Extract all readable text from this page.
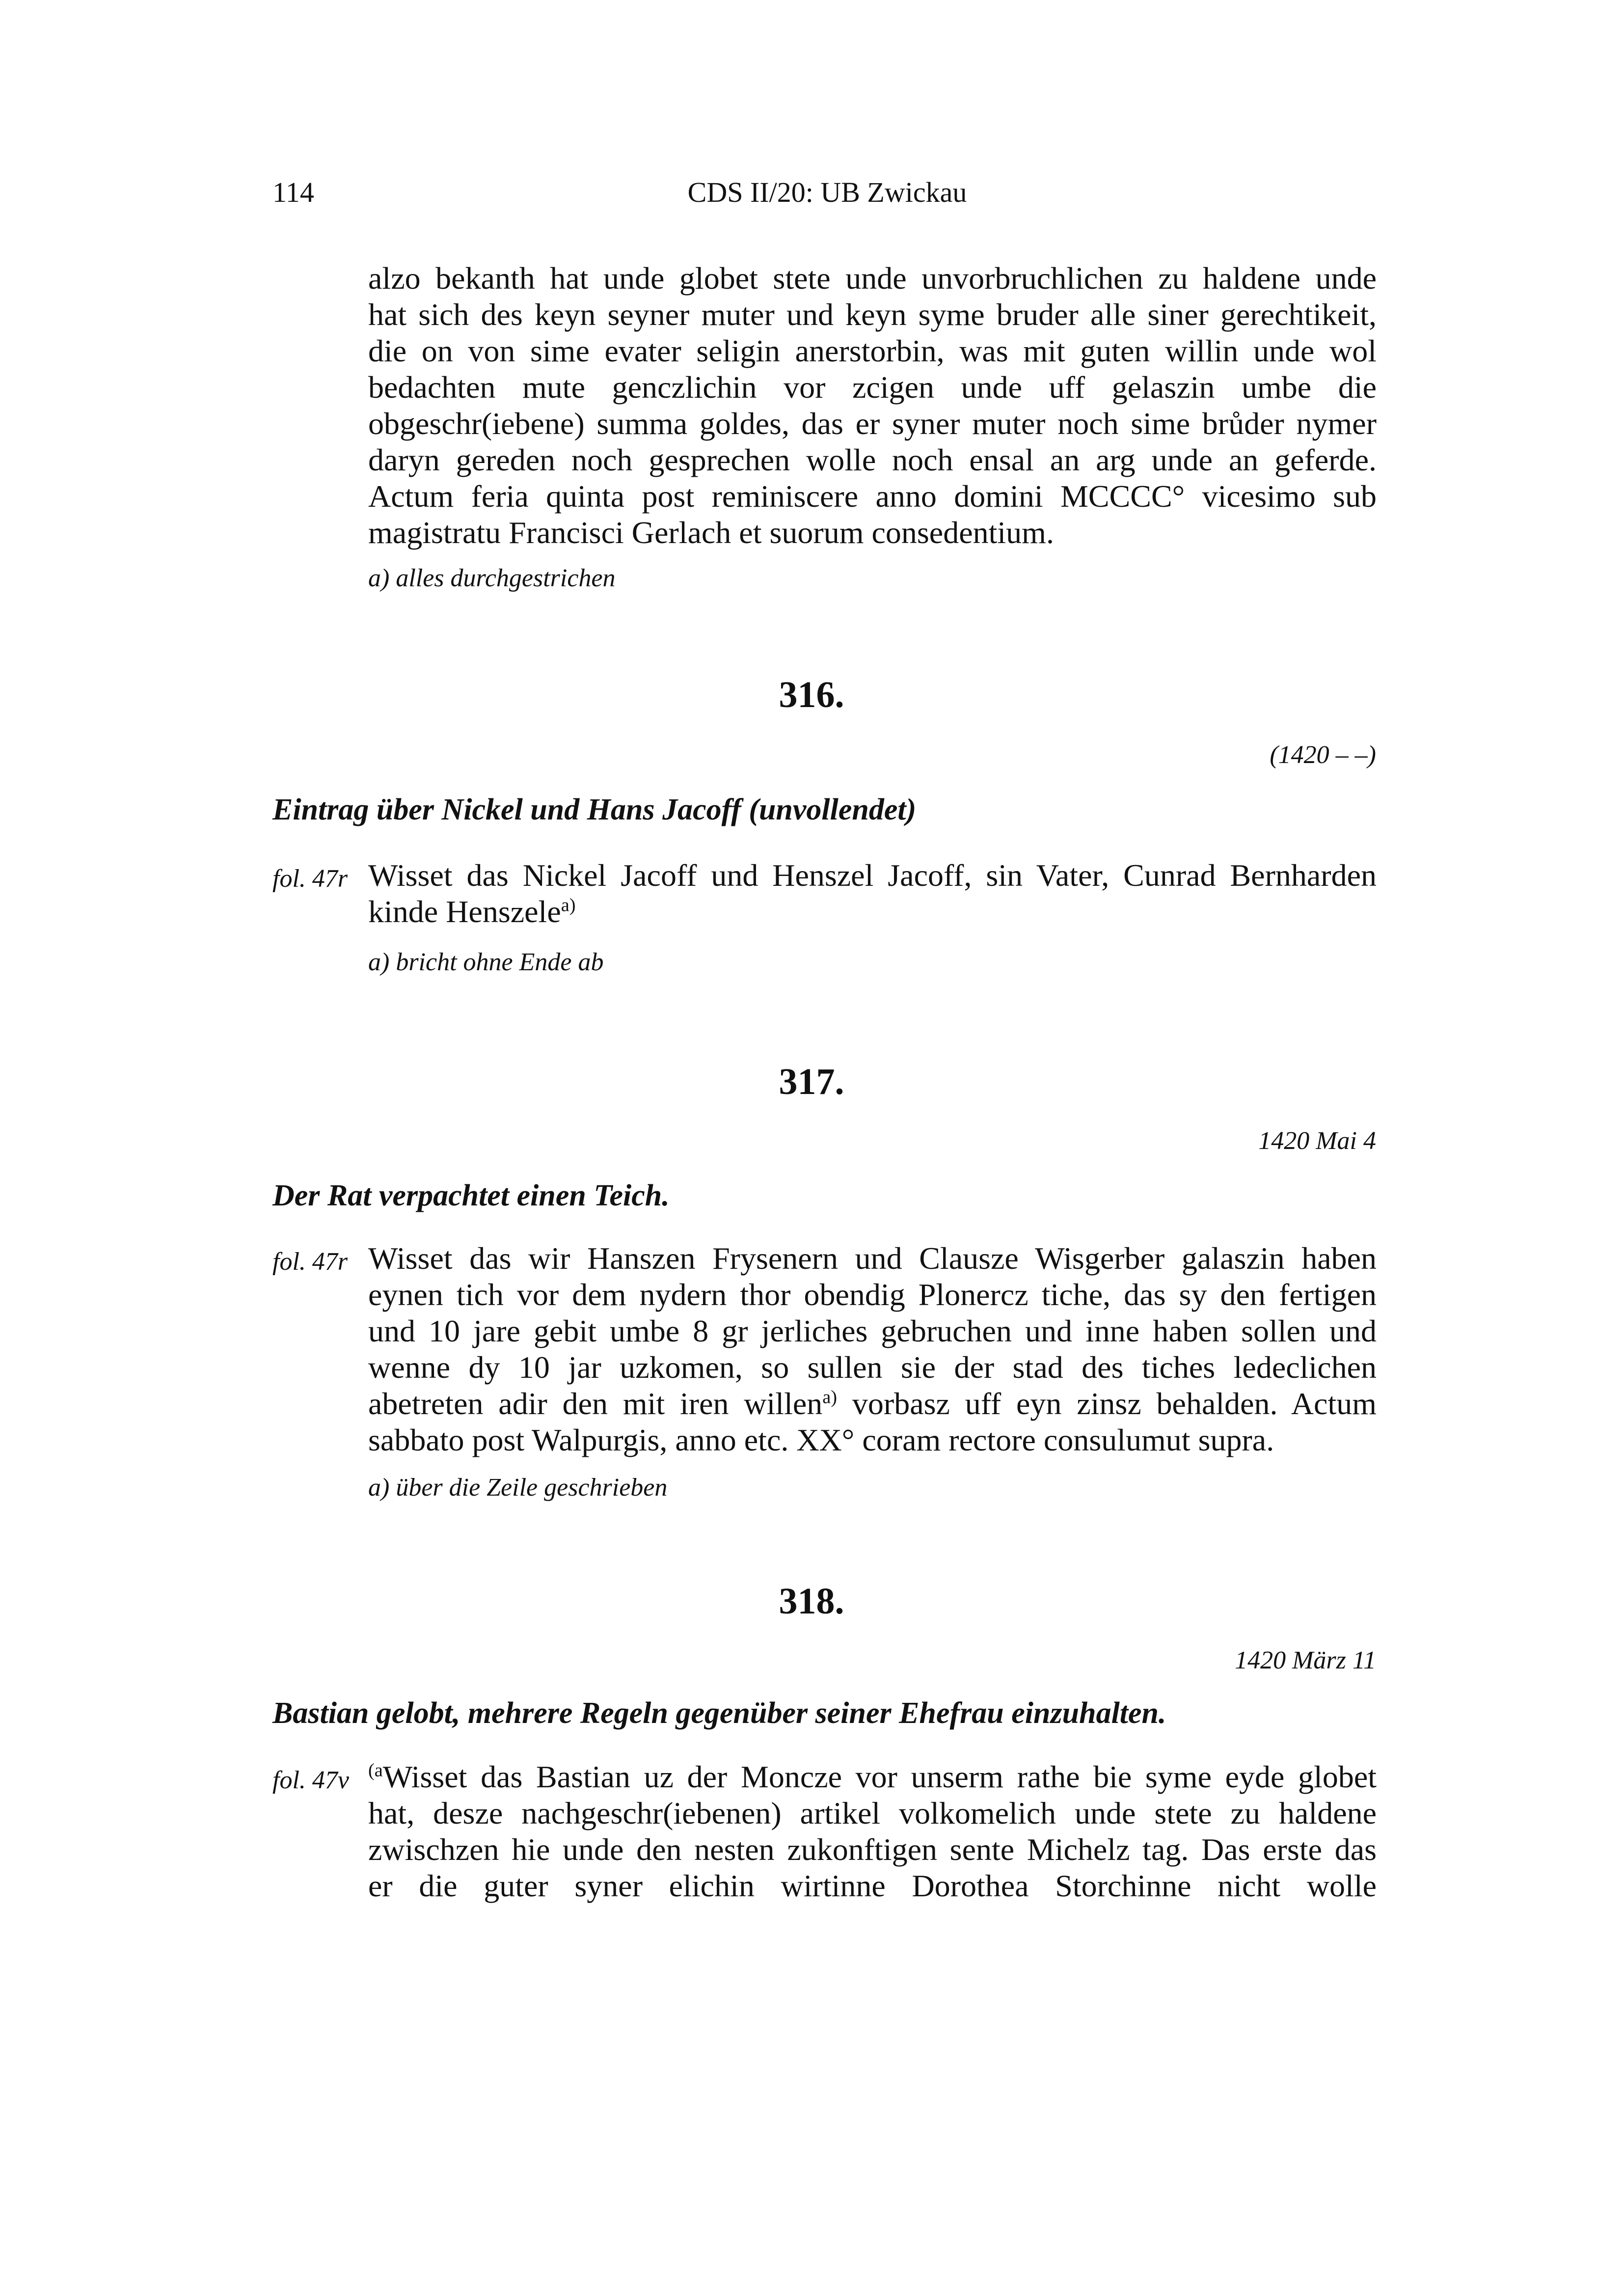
114	CDS II/20: UB Zwickau
alzo bekanth hat unde globet stete unde unvorbruchlichen zu haldene unde
hat sich des keyn seyner muter und keyn syme bruder alle siner gerechtikeit,
die on von sime evater seligin anerstorbin, was mit guten willin unde wol
bedachten mute genczlichin vor zcigen unde uff gelaszin umbe die
obgeschr(iebene) summa goldes, das er syner muter noch sime brůder nymer
daryn gereden noch gesprechen wolle noch ensal an arg unde an geferde.
Actum feria quinta post reminiscere anno domini MCCCC° vicesimo sub
magistratu Francisci Gerlach et suorum consedentium.
a) alles durchgestrichen
316.
(1420 – –)
Eintrag über Nickel und Hans Jacoff (unvollendet)
fol. 47r Wisset das Nickel Jacoff und Henszel Jacoff, sin Vater, Cunrad Bernharden
kinde Henszele$^{a)}$
a) bricht ohne Ende ab
317.
1420 Mai 4
Der Rat verpachtet einen Teich.
fol. 47r Wisset das wir Hanszen Frysenern und Clausze Wisgerber galaszin haben
eynen tich vor dem nydern thor obendig Plonercz tiche, das sy den fertigen
und 10 jare gebit umbe 8 gr jerliches gebruchen und inne haben sollen und
wenne dy 10 jar uzkomen, so sullen sie der stad des tiches ledeclichen
abetreten adir den mit iren willen$^{a)}$ vorbasz uff eyn zinsz behalden. Actum
sabbato post Walpurgis, anno etc. XX° coram rectore consulumut supra.
a) über die Zeile geschrieben
318.
1420 März 11
Bastian gelobt, mehrere Regeln gegenüber seiner Ehefrau einzuhalten.
fol. 47v $^{(a}$Wisset das Bastian uz der Moncze vor unserm rathe bie syme eyde globet
hat, desze nachgeschr(iebenen) artikel volkomelich unde stete zu haldene
zwischzen hie unde den nesten zukonftigen sente Michelz tag. Das erste das
er die guter syner elichin wirtinne Dorothea Storchinne nicht wolle
